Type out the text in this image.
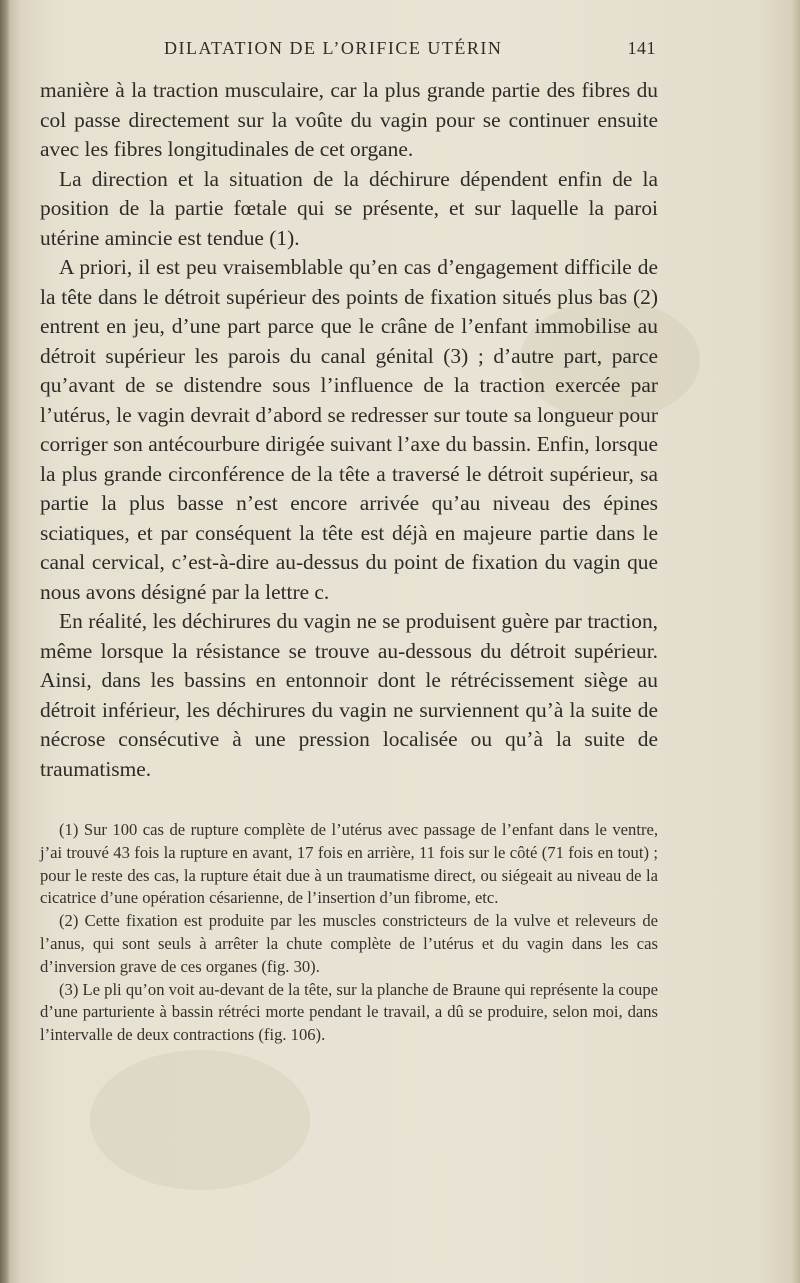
DILATATION DE L’ORIFICE UTÉRIN	141

manière à la traction musculaire, car la plus grande partie des fibres du col passe directement sur la voûte du vagin pour se continuer ensuite avec les fibres longitudinales de cet organe.

La direction et la situation de la déchirure dépendent enfin de la position de la partie fœtale qui se présente, et sur laquelle la paroi utérine amincie est tendue (1).

A priori, il est peu vraisemblable qu’en cas d’engagement difficile de la tête dans le détroit supérieur des points de fixation situés plus bas (2) entrent en jeu, d’une part parce que le crâne de l’enfant immobilise au détroit supérieur les parois du canal génital (3) ; d’autre part, parce qu’avant de se distendre sous l’influence de la traction exercée par l’utérus, le vagin devrait d’abord se redresser sur toute sa longueur pour corriger son antécourbure dirigée suivant l’axe du bassin. Enfin, lorsque la plus grande circonférence de la tête a traversé le détroit supérieur, sa partie la plus basse n’est encore arrivée qu’au niveau des épines sciatiques, et par conséquent la tête est déjà en majeure partie dans le canal cervical, c’est-à-dire au-dessus du point de fixation du vagin que nous avons désigné par la lettre c.

En réalité, les déchirures du vagin ne se produisent guère par traction, même lorsque la résistance se trouve au-dessous du détroit supérieur. Ainsi, dans les bassins en entonnoir dont le rétrécissement siège au détroit inférieur, les déchirures du vagin ne surviennent qu’à la suite de nécrose consécutive à une pression localisée ou qu’à la suite de traumatisme.

(1) Sur 100 cas de rupture complète de l’utérus avec passage de l’enfant dans le ventre, j’ai trouvé 43 fois la rupture en avant, 17 fois en arrière, 11 fois sur le côté (71 fois en tout) ; pour le reste des cas, la rupture était due à un traumatisme direct, ou siégeait au niveau de la cicatrice d’une opération césarienne, de l’insertion d’un fibrome, etc.

(2) Cette fixation est produite par les muscles constricteurs de la vulve et releveurs de l’anus, qui sont seuls à arrêter la chute complète de l’utérus et du vagin dans les cas d’inversion grave de ces organes (fig. 30).

(3) Le pli qu’on voit au-devant de la tête, sur la planche de Braune qui représente la coupe d’une parturiente à bassin rétréci morte pendant le travail, a dû se produire, selon moi, dans l’intervalle de deux contractions (fig. 106).
